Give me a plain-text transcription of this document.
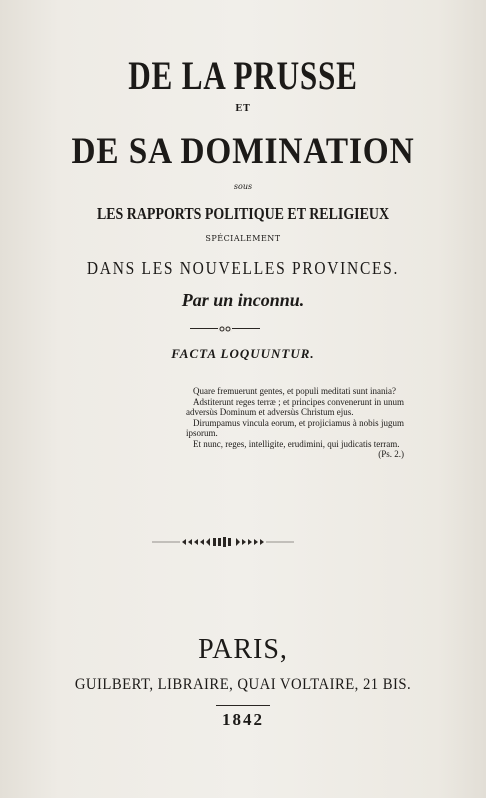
DE LA PRUSSE
ET
DE SA DOMINATION
sous
LES RAPPORTS POLITIQUE ET RELIGIEUX
SPÉCIALEMENT
DANS LES NOUVELLES PROVINCES.
Par un inconnu.
FACTA LOQUUNTUR.

Quare fremuerunt gentes, et populi meditati sunt inania?

Adstiterunt reges terræ ; et principes convenerunt in unum adversùs Dominum et adversùs Christum ejus.

Dirumpamus vincula eorum, et projiciamus à nobis jugum ipsorum.

Et nunc, reges, intelligite, erudimini, qui judicatis terram.
(Ps. 2.)

PARIS,
GUILBERT, LIBRAIRE, QUAI VOLTAIRE, 21 BIS.
1842
